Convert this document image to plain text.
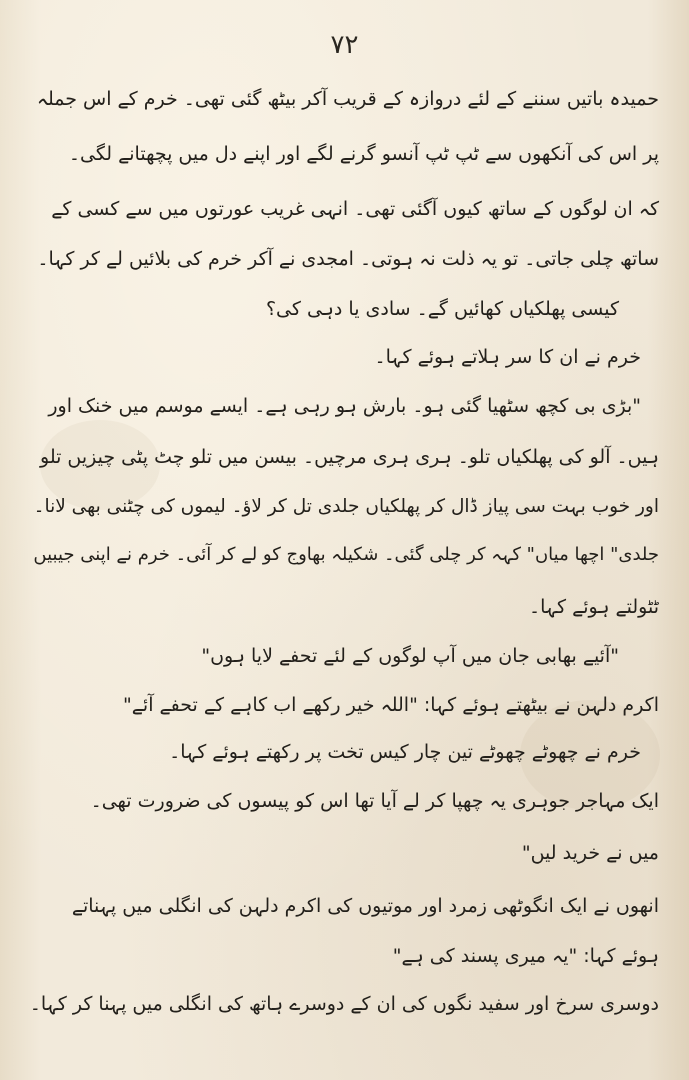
۷۲
حمیدہ باتیں سننے کے لئے دروازہ کے قریب آکر بیٹھ گئی تھی۔ خرم کے اس جملہ
پر اس کی آنکھوں سے ٹپ ٹپ آنسو گرنے لگے اور اپنے دل میں پچھتانے لگی۔
کہ ان لوگوں کے ساتھ کیوں آگئی تھی۔ انہی غریب عورتوں میں سے کسی کے
ساتھ چلی جاتی۔ تو یہ ذلت نہ ہوتی۔ امجدی نے آکر خرم کی بلائیں لے کر کہا۔
کیسی پھلکیاں کھائیں گے۔ سادی یا دہی کی؟
خرم نے ان کا سر ہلاتے ہوئے کہا۔
"بڑی بی کچھ سٹھیا گئی ہو۔ بارش ہو رہی ہے۔ ایسے موسم میں خنک اور
ہیں۔ آلو کی پھلکیاں تلو۔ ہری ہری مرچیں۔ بیسن میں تلو
چٹ پٹی چیزیں تلو
اور خوب بہت سی پیاز ڈال کر پھلکیاں جلدی تل کر لاؤ۔ لیموں کی چٹنی بھی لانا۔
جلدی" اچھا میاں" کہہ کر چلی گئی۔ شکیلہ بھاوج کو لے کر آئی۔ خرم نے اپنی جیبیں
ٹٹولتے ہوئے کہا۔
"آئیے بھابی جان میں آپ لوگوں کے لئے تحفے لایا ہوں"
اکرم دلہن نے بیٹھتے ہوئے کہا: "اللہ خیر رکھے اب کاہے کے تحفے آئے"
خرم نے چھوٹے چھوٹے تین چار کیس تخت پر رکھتے ہوئے کہا۔
ایک مہاجر جوہری یہ چھپا کر لے آیا تھا اس کو پیسوں کی ضرورت تھی۔
میں نے خرید لیں"
انھوں نے ایک انگوٹھی زمرد اور موتیوں کی اکرم دلہن کی انگلی میں پہناتے
ہوئے کہا: "یہ میری پسند کی ہے"
دوسری سرخ اور سفید نگوں کی ان کے دوسرے ہاتھ کی انگلی میں پہنا کر کہا۔
